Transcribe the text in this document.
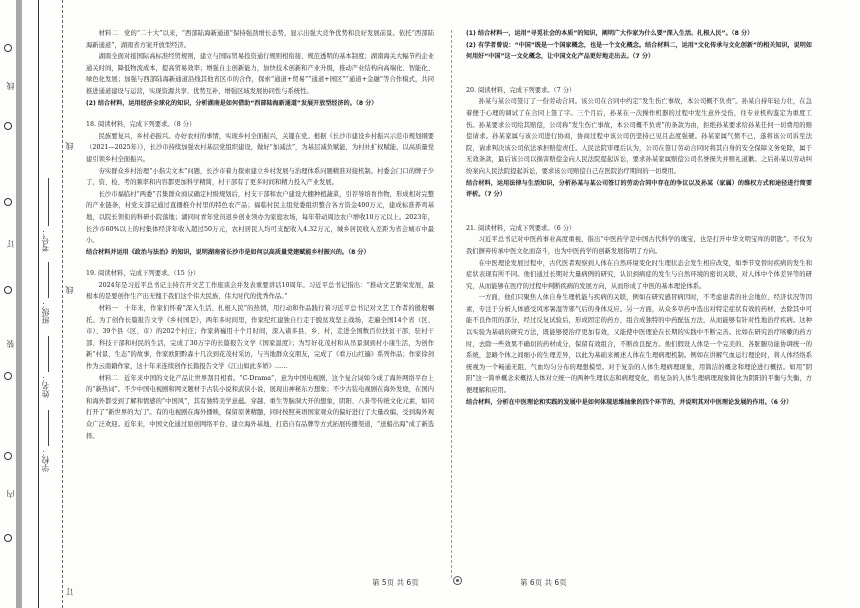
线
订
装
内
线
线
订
考号：
班级：
姓名：
学校：

材料二　党的“二十大”以来，“西部陆海新通道”保持强劲增长态势，显示出强大竞争优势和良好发展前景。依托“西部陆海新通道”，湖南省方案开放型经济。

湖南全面对接国际高标准经贸规则，建立与国际贸易投资通行规则相衔接、规范透明的基本制度；湖南海关大幅节约企业通关时间，降低物流成本，提高贸易效率；增强自主创新能力，加快技术创新和产业升级，推动产业结构向高端化、智能化、绿色化发展；加强与西部陆海新通道沿线其他省区市的合作，探索“通道+贸易”“通道+园区”“通道+金融”等合作模式，共同推进通道建设与运营，实现资源共享、优势互补，增强区域发展协同性与系统性。

(2) 结合材料，运用经济全球化的知识，分析湖南是如何借助“西部陆海新通道”发展开放型经济的。（8 分）

18. 阅读材料，完成下列要求。（8 分）

民族要复兴，乡村必振兴。办好农村的事情，实现乡村全面振兴，关键在党。根据《长沙市建设乡村振兴示范市规划纲要（2021—2025年）》，长沙市持续加强农村基层党组织建设，做好“加减法”，为基层减负赋能，为村社扩权赋能，以高质量党建引领乡村全面振兴。

夯实群众乡村治理“小指尖文本”问题，长沙市着力探索建立乡村发展与治理体系问题精准对接机制。村委会门口的牌子少了，资、检、考的频率和内容都更加科学精简，村干部有了更多时间和精力投入产业发展。

长沙市福临村“两委”召集群众商议确定村级规划后，村支干部和农户建设大棚种植蔬菜，引荐导培育作物，形成相对完整的产业链条，村党支部记通过直播推介村里的特色农产品；福临村民主组党委组织整合各方资金400万元，建成标准养鸡基地，以院长领衔的科研小院落地；湖同时青年党员返乡创业领办为家庭农场，每年带动周边农户增收10万元以上。2023年，长沙市60%以上的村集体经济年收入超过50万元，农村居民人均可支配收入4.32万元，城乡居民收入差距为省会城市中最小。

结合材料并运用《政治与法治》的知识，说明湖南省长沙市是如何以高质量党建赋能乡村振兴的。（8 分）

19. 阅读材料，完成下列要求。（15 分）

2024年是习近平总书记主持召开文艺工作座谈会并发表重要讲话10周年。习近平总书记指出：“推动文艺繁荣发展，最根本的是要创作生产出无愧于我们这个伟大民族、伟大时代的优秀作品。”

材料一　十年来，作家们怀着“深入生活、扎根人民”的热情，用行动和作品践行着习近平总书记对文艺工作者的殷殷嘱托。为了创作长篇报告文学《乡村国是》，两年多时间里，作家纪红建独自行走于脱贫攻坚主战场，走遍全国14个省（区、市）、39个县（区、市）的202个村庄；作家蒋巍用十个月时间，深入诸多县、乡、村，走进全国数百位扶贫干部、驻村干部、科技干部和村民的生活，完成了30万字的长篇报告文学《国家温度》；为写好花茂村和从吊景洞到村小康生活，为创作新“村景、生态”的故事，作家欧阳黔森十几次到花茂村采访，与当地群众交朋友，完成了《看万山红遍》系列作品；作家徐剑作为云南籍作家，这十年来连续创作长篇报告文学《江山如此多娇》……

材料二　近年来中国的文化产品让世界刮目相看。“C-Drama”，意为中国电视剧，这个复合词如今成了海外网络平台上的“新热词”。不少中国电视剧和网文题材于古装小说和武侠小说，展现出神秘东方想象；不少古装电视剧在海外发烧，在国内和海外都受到了解和情感的“中国风”，其有独特美学意蕴。穿越、重生等脑洞大开的想象，阴阳、八卦等传统文化元素，如同打开了“新世界的大门”。有的电视剧在海外播映，保留原著精髓，同时按照英语国家观众的偏好进行了大量改编，受到海外观众广泛欢迎。近年来，中国文化通过原创网络平台、建立海外基地、打造自有品牌等方式拓展传播渠道，“送船出海”成了新选择。

(1) 结合材料一，运用“寻觅社会的本质”的知识，阐明广大作家为什么要“深入生活、扎根人民”。（8 分）

(2) 有学者曾说：“中国”既是一个国家概念，也是一个文化概念。结合材料二，运用“文化传承与文化创新”的相关知识，说明如何用好“中国”这一文化概念，让中国文化产品更好地走出去。（7 分）

20. 阅读材料，完成下列要求。（7 分）

孙某与某公司签订了一份劳动合同。该公司在合同中约定“发生伤亡事故，本公司概不负责”。孙某自持年轻力壮，在急着便于心理的调试了在合同上签了字。三个月后，孙某在一次操作机器的过程中发生意外受伤，住专业机构鉴定为重度工伤。孙某要求公司给其赔偿，公司称“发生伤亡事故，本公司概不负责”的条款为由，拒绝孙某要求给孙某任何一切费用的赔偿请求。孙某家属与该公司进行协商，协商过程中该公司仍坚持已见且态度强硬。孙某家属气愤不已，遂将该公司诉至法院，请求判决该公司依法承担赔偿责任。人民法院审理后认为，公司在签订劳动合同时将其自身的安全保障义务免除，属于无效条款，最后该公司以损害赔偿金向人民法院提起诉讼，要求孙某家属赔偿公司名誉损失并赔礼道歉。之后孙某以劳动纠纷案向人民法院提起诉讼，要求该公司赔偿自己在医院治疗期间的一切费用。

结合材料，运用法律与生活知识，分析孙某与某公司签订的劳动合同中存在的争议以及孙某（家属）的维权方式和途径进行简要评析。（7 分）

21. 阅读材料，完成下列要求。（6 分）

习近平总书记对中医药事业高度重视，指出“中医药学是中国古代科学的瑰宝，也是打开中华文明宝库的钥匙”。不仅为我们摒弃传承中医文化而奋斗，也为中医药学的创新发展指明了方向。

在中医理论发展过程中，古代医者观察到人体在自然环境变化时生理状态会发生相应改变，如季节变替时疾病的发生和症状表现有所不同。他们通过长期对大量病例的研究，认识到病症的发生与自然环境的密切关联，对人体中个体差异等的研究，从而能够在医疗的过程中判断疾病的发展方向，从而形成了中医的基本理论体系。

一方面，他们只聚焦人体自身生理机能与疾病的关联，例如在研究感冒病因时，不考虑患者的社会地位、经济状况等因素，专注于分析人体感受风寒暑湿等邪气后的身体反应。另一方面，从众多草药中选出对特定症状有效的药材，去除其中可能不良作用的部分，经过反复试验后，形成固定的药方，组合成独特的中药配伍方法，从而能够有针对性地治疗疾病。这种以实验为基础的研究方法，既能够使治疗更加有效，又能使中医理论在长期的实践中不断完善。比如在研究治疗咳嗽的药方时，去除一些效果不确切的药材成分，保留有效组合，不断改良配方。他们假设人体是一个完美的、各脏腑功能协调统一的系统，忽略个体之间细小的生理差异，以此为基础来阐述人体在生理病理机制。例如在讲解气血运行理论时，将人体经络系统视为一个畅通无阻、气血均匀分布的理想模型。对于复杂的人体生理病理现象，用简洁的概念和理论进行概括。如用“阴阳”这一简单概念来概括人体对立统一的两种生理状态和病理变化，将复杂的人体生理病理现象简化为阴阳的平衡与失衡，方便理解和应用。

结合材料，分析在中医理论和实践的发展中是如何体现思维抽象的四个环节的，并说明其对中医理论发展的作用。（6 分）

第 5页 共 6页	第 6页 共 6页
